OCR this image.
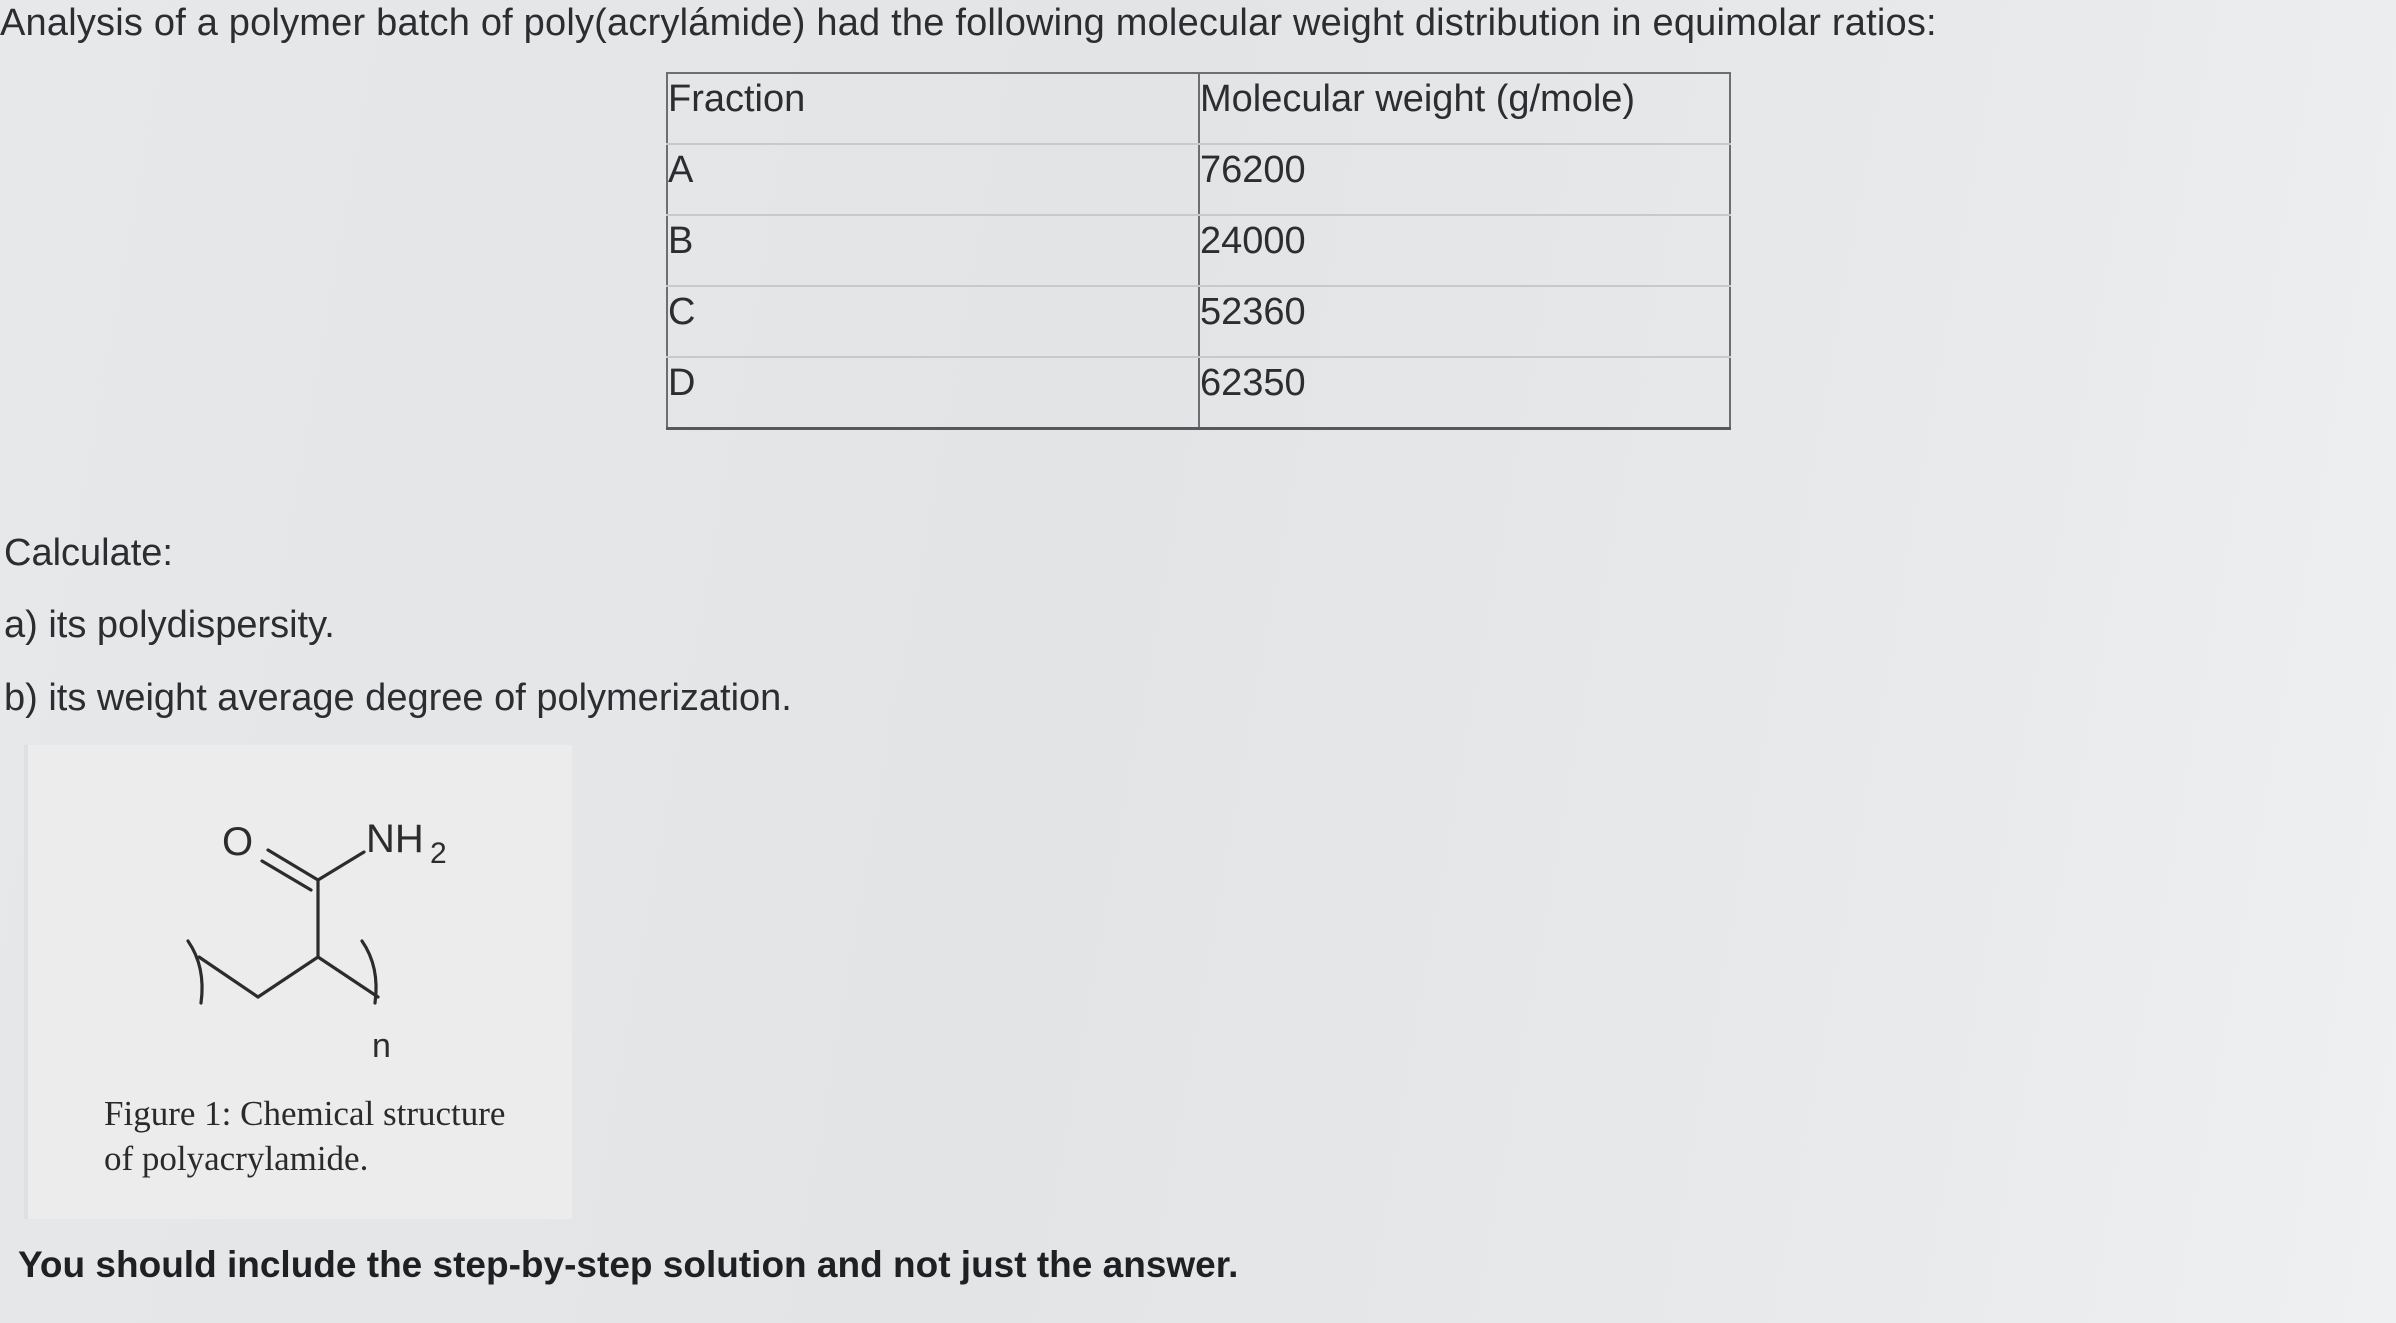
Analysis of a polymer batch of poly(acrylámide) had the following molecular weight distribution in equimolar ratios:
Fraction	Molecular weight (g/mole)
A	76200
B	24000
C	52360
D	62350
Calculate:
a) its polydispersity.
b) its weight average degree of polymerization.
O	NH 2
n
Figure 1: Chemical structure
of polyacrylamide.
You should include the step-by-step solution and not just the answer.
